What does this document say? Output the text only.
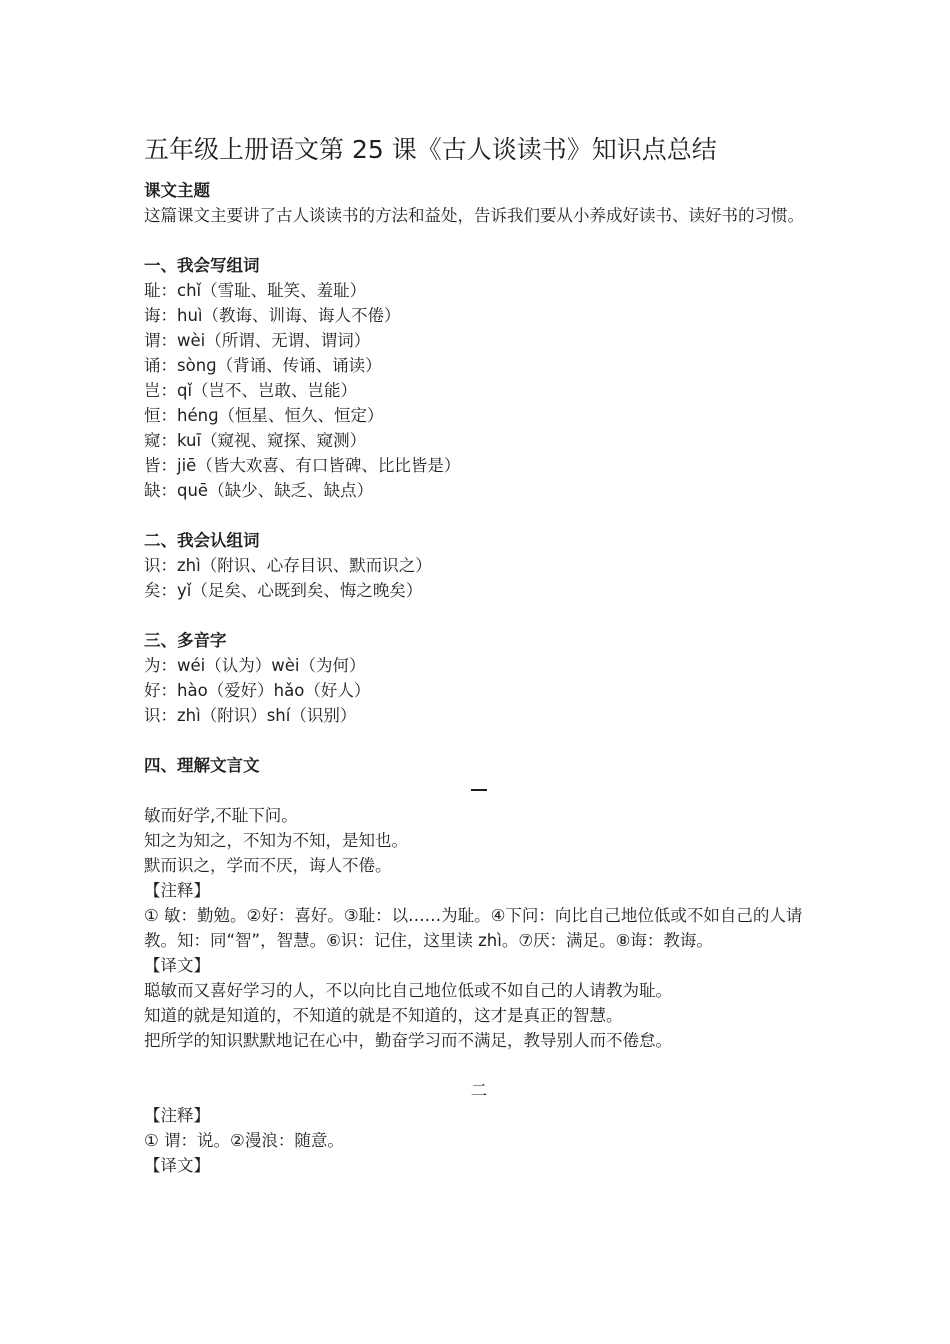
五年级上册语文第 25 课《古人谈读书》知识点总结

课文主题

这篇课文主要讲了古人谈读书的方法和益处，告诉我们要从小养成好读书、读好书的习惯。

一、我会写组词

耻：chǐ（雪耻、耻笑、羞耻）

诲：huì（教诲、训诲、诲人不倦）

谓：wèi（所谓、无谓、谓词）

诵：sònɡ（背诵、传诵、诵读）

岂：qǐ（岂不、岂敢、岂能）

恒：hénɡ（恒星、恒久、恒定）

窥：kuī（窥视、窥探、窥测）

皆：jiē（皆大欢喜、有口皆碑、比比皆是）

缺：quē（缺少、缺乏、缺点）

二、我会认组词

识：zhì（附识、心存目识、默而识之）

矣：yǐ（足矣、心既到矣、悔之晚矣）

三、多音字

为：wéi（认为）wèi（为何）

好：hào（爱好）hǎo（好人）

识：zhì（附识）shí（识别）

四、理解文言文

敏而好学,不耻下问。

知之为知之，不知为不知，是知也。

默而识之，学而不厌，诲人不倦。

【注释】

① 敏：勤勉。②好：喜好。③耻：以……为耻。④下问：向比自己地位低或不如自己的人请教。知：同“智”，智慧。⑥识：记住，这里读 zhì。⑦厌：满足。⑧诲：教诲。

【译文】

聪敏而又喜好学习的人，不以向比自己地位低或不如自己的人请教为耻。

知道的就是知道的，不知道的就是不知道的，这才是真正的智慧。

把所学的知识默默地记在心中，勤奋学习而不满足，教导别人而不倦怠。

二

【注释】

① 谓：说。②漫浪：随意。

【译文】
